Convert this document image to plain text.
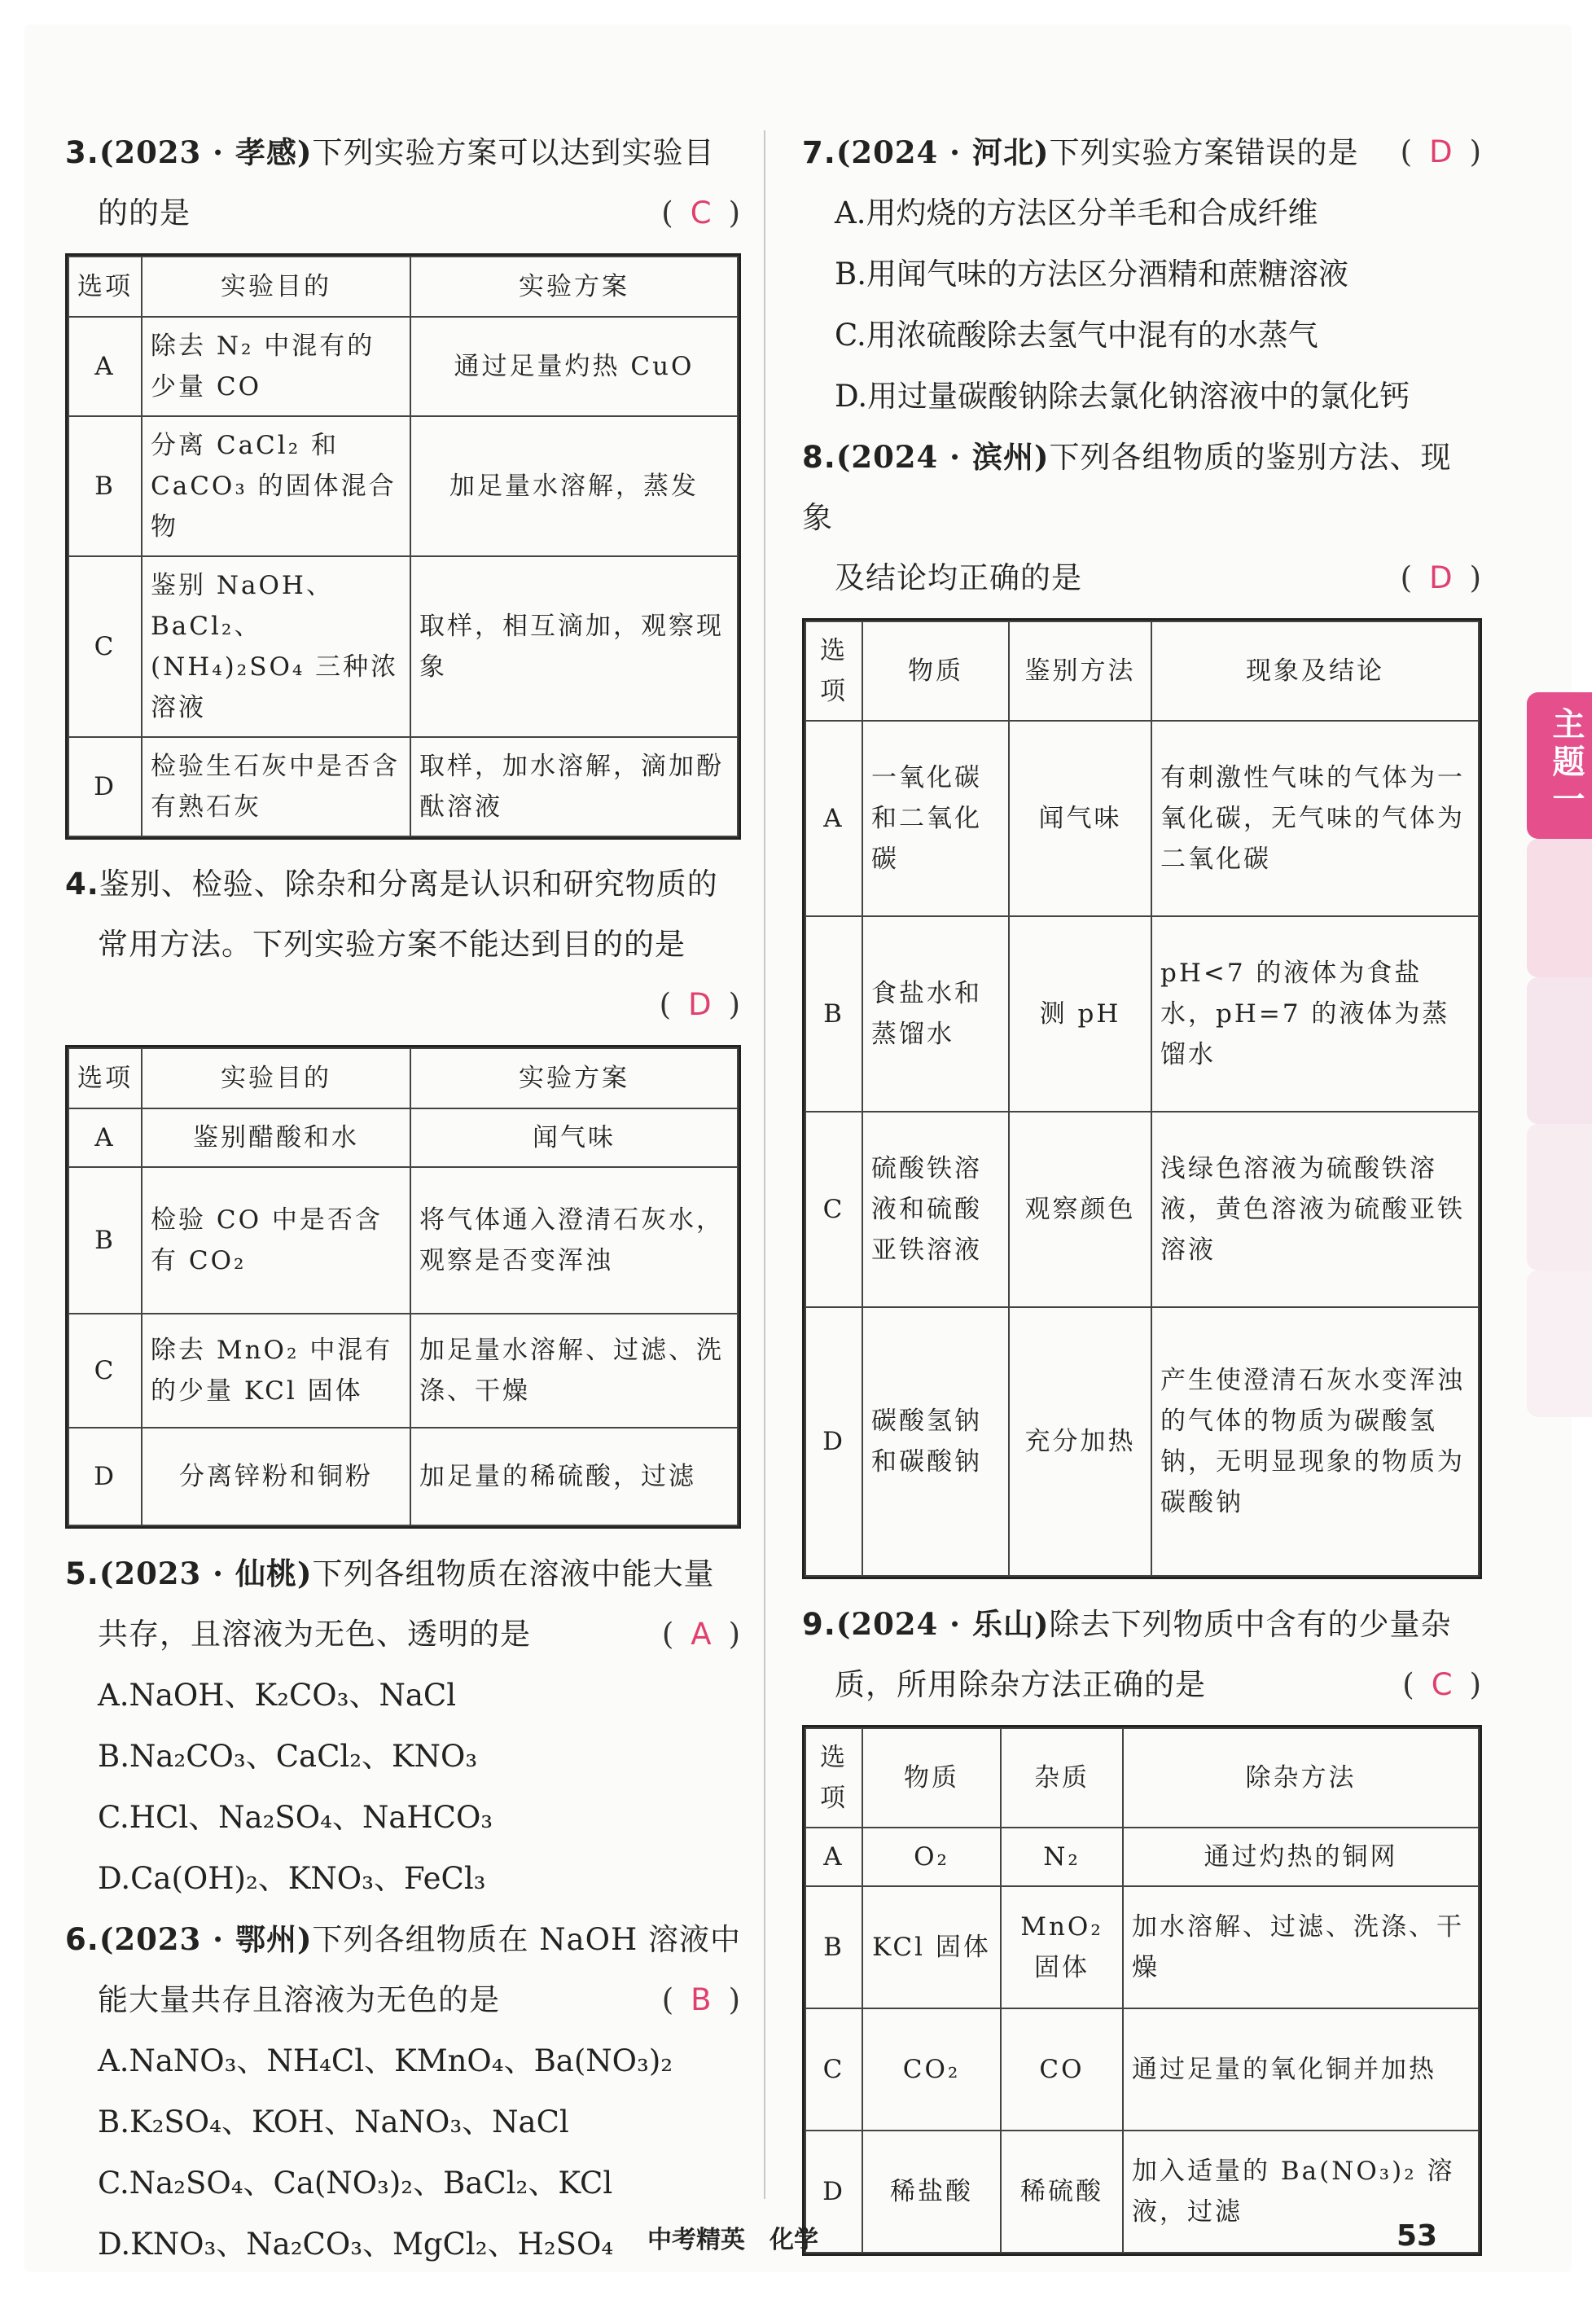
3.(2023 · 孝感)下列实验方案可以达到实验目
的的是	( C )
选项	实验目的	实验方案
A	除去 N₂ 中混有的少量 CO	通过足量灼热 CuO
B	分离 CaCl₂ 和 CaCO₃ 的固体混合物	加足量水溶解，蒸发
C	鉴别 NaOH、BaCl₂、(NH₄)₂SO₄ 三种浓溶液	取样，相互滴加，观察现象
D	检验生石灰中是否含有熟石灰	取样，加水溶解，滴加酚酞溶液
4.鉴别、检验、除杂和分离是认识和研究物质的
常用方法。下列实验方案不能达到目的的是
( D )
选项	实验目的	实验方案
A	鉴别醋酸和水	闻气味
B	检验 CO 中是否含有 CO₂	将气体通入澄清石灰水，观察是否变浑浊
C	除去 MnO₂ 中混有的少量 KCl 固体	加足量水溶解、过滤、洗涤、干燥
D	分离锌粉和铜粉	加足量的稀硫酸，过滤
5.(2023 · 仙桃)下列各组物质在溶液中能大量
共存，且溶液为无色、透明的是	( A )
A.NaOH、K₂CO₃、NaCl
B.Na₂CO₃、CaCl₂、KNO₃
C.HCl、Na₂SO₄、NaHCO₃
D.Ca(OH)₂、KNO₃、FeCl₃
6.(2023 · 鄂州)下列各组物质在 NaOH 溶液中
能大量共存且溶液为无色的是	( B )
A.NaNO₃、NH₄Cl、KMnO₄、Ba(NO₃)₂
B.K₂SO₄、KOH、NaNO₃、NaCl
C.Na₂SO₄、Ca(NO₃)₂、BaCl₂、KCl
D.KNO₃、Na₂CO₃、MgCl₂、H₂SO₄
7.(2024 · 河北)下列实验方案错误的是 ( D )
A.用灼烧的方法区分羊毛和合成纤维
B.用闻气味的方法区分酒精和蔗糖溶液
C.用浓硫酸除去氢气中混有的水蒸气
D.用过量碳酸钠除去氯化钠溶液中的氯化钙
8.(2024 · 滨州)下列各组物质的鉴别方法、现象
及结论均正确的是	( D )
选项	物质	鉴别方法	现象及结论
A	一氧化碳和二氧化碳	闻气味	有刺激性气味的气体为一氧化碳，无气味的气体为二氧化碳
B	食盐水和蒸馏水	测 pH	pH<7 的液体为食盐水，pH=7 的液体为蒸馏水
C	硫酸铁溶液和硫酸亚铁溶液	观察颜色	浅绿色溶液为硫酸铁溶液，黄色溶液为硫酸亚铁溶液
D	碳酸氢钠和碳酸钠	充分加热	产生使澄清石灰水变浑浊的气体的物质为碳酸氢钠，无明显现象的物质为碳酸钠
9.(2024 · 乐山)除去下列物质中含有的少量杂
质，所用除杂方法正确的是	( C )
选项	物质	杂质	除杂方法
A	O₂	N₂	通过灼热的铜网
B	KCl 固体	MnO₂ 固体	加水溶解、过滤、洗涤、干燥
C	CO₂	CO	通过足量的氧化铜并加热
D	稀盐酸	稀硫酸	加入适量的 Ba(NO₃)₂ 溶液，过滤
主题一
中考精英　化学	53
